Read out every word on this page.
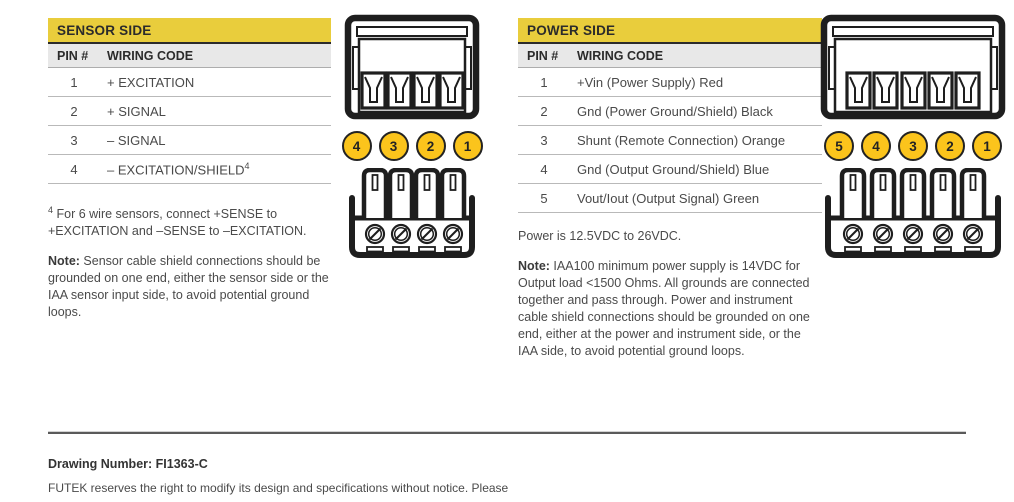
SENSOR SIDE
PIN #	WIRING CODE
1	+ EXCITATION
2	+ SIGNAL
3	– SIGNAL
4	– EXCITATION/SHIELD$^4$

$^4$ For 6 wire sensors, connect +SENSE to +EXCITATION and –SENSE to –EXCITATION.

Note: Sensor cable shield connections should be grounded on one end, either the sensor side or the IAA sensor input side, to avoid potential ground loops.

4	3	2	1
POWER SIDE
PIN #	WIRING CODE
1	+Vin (Power Supply) Red
2	Gnd (Power Ground/Shield) Black
3	Shunt (Remote Connection) Orange
4	Gnd (Output Ground/Shield) Blue
5	Vout/Iout (Output Signal) Green

Power is 12.5VDC to 26VDC.

Note: IAA100 minimum power supply is 14VDC for Output load <1500 Ohms. All grounds are connected together and pass through. Power and instrument cable shield connections should be grounded on one end, either at the power and instrument side, or the IAA side, to avoid potential ground loops.

5	4	3	2	1
Drawing Number: FI1363-C
FUTEK reserves the right to modify its design and specifications without notice. Please
